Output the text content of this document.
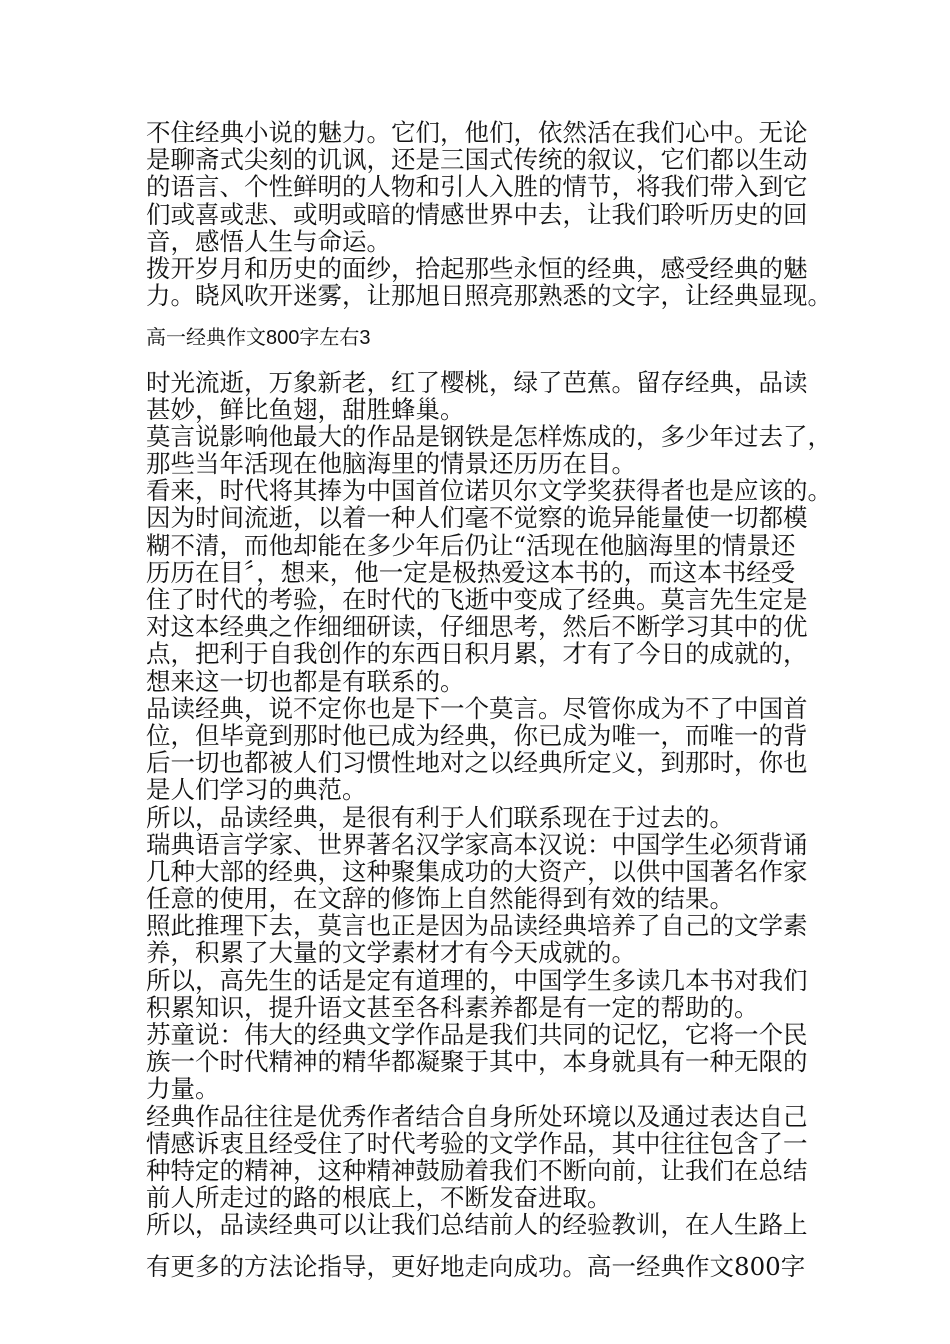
不住经典小说的魅力。它们，他们，依然活在我们心中。无论
是聊斋式尖刻的讥讽，还是三国式传统的叙议，它们都以生动
的语言、个性鲜明的人物和引人入胜的情节，将我们带入到它
们或喜或悲、或明或暗的情感世界中去，让我们聆听历史的回
音，感悟人生与命运。
拨开岁月和历史的面纱，拾起那些永恒的经典，感受经典的魅
力。晓风吹开迷雾，让那旭日照亮那熟悉的文字，让经典显现。
高一经典作文800字左右3
时光流逝，万象新老，红了樱桃，绿了芭蕉。留存经典，品读
甚妙，鲜比鱼翅，甜胜蜂巢。
莫言说影响他最大的作品是钢铁是怎样炼成的，多少年过去了，
那些当年活现在他脑海里的情景还历历在目。
看来，时代将其捧为中国首位诺贝尔文学奖获得者也是应该的。
因为时间流逝，以着一种人们毫不觉察的诡异能量使一切都模
糊不清，而他却能在多少年后仍让“活现在他脑海里的情景还
历历在目〞，想来，他一定是极热爱这本书的，而这本书经受
住了时代的考验，在时代的飞逝中变成了经典。莫言先生定是
对这本经典之作细细研读，仔细思考，然后不断学习其中的优
点，把利于自我创作的东西日积月累，才有了今日的成就的，
想来这一切也都是有联系的。
品读经典，说不定你也是下一个莫言。尽管你成为不了中国首
位，但毕竟到那时他已成为经典，你已成为唯一，而唯一的背
后一切也都被人们习惯性地对之以经典所定义，到那时，你也
是人们学习的典范。
所以，品读经典，是很有利于人们联系现在于过去的。
瑞典语言学家、世界著名汉学家高本汉说：中国学生必须背诵
几种大部的经典，这种聚集成功的大资产，以供中国著名作家
任意的使用，在文辞的修饰上自然能得到有效的结果。
照此推理下去，莫言也正是因为品读经典培养了自己的文学素
养，积累了大量的文学素材才有今天成就的。
所以，高先生的话是定有道理的，中国学生多读几本书对我们
积累知识，提升语文甚至各科素养都是有一定的帮助的。
苏童说：伟大的经典文学作品是我们共同的记忆，它将一个民
族一个时代精神的精华都凝聚于其中，本身就具有一种无限的
力量。
经典作品往往是优秀作者结合自身所处环境以及通过表达自己
情感诉衷且经受住了时代考验的文学作品，其中往往包含了一
种特定的精神，这种精神鼓励着我们不断向前，让我们在总结
前人所走过的路的根底上，不断发奋进取。
所以，品读经典可以让我们总结前人的经验教训，在人生路上
有更多的方法论指导，更好地走向成功。高一经典作文800字
